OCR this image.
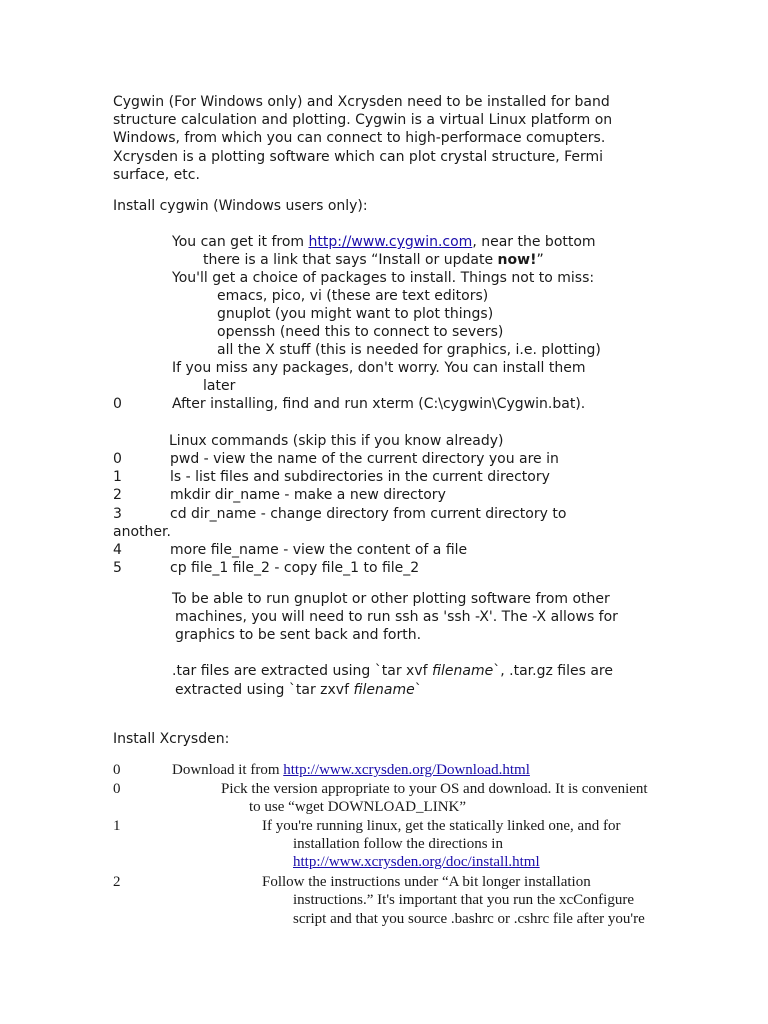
Cygwin (For Windows only) and Xcrysden need to be installed for band structure calculation and plotting. Cygwin is a virtual Linux platform on Windows, from which you can connect to high-performace comupters. Xcrysden is a plotting software which can plot crystal structure, Fermi surface, etc.
Install cygwin (Windows users only):
You can get it from http://www.cygwin.com, near the bottom
there is a link that says “Install or update now!”
You'll get a choice of packages to install. Things not to miss:
emacs, pico, vi (these are text editors)
gnuplot (you might want to plot things)
openssh (need this to connect to severs)
all the X stuff (this is needed for graphics, i.e. plotting)
If you miss any packages, don't worry. You can install them
later
0	After installing, find and run xterm (C:\cygwin\Cygwin.bat).
Linux commands (skip this if you know already)
0	pwd - view the name of the current directory you are in
1	ls - list files and subdirectories in the current directory
2	mkdir dir_name - make a new directory
3	cd dir_name - change directory from current directory to
another.
4	more file_name - view the content of a file
5	cp file_1 file_2 - copy file_1 to file_2
To be able to run gnuplot or other plotting software from other
machines, you will need to run ssh as 'ssh -X'. The -X allows for
graphics to be sent back and forth.
.tar files are extracted using `tar xvf filename`, .tar.gz files are
extracted using `tar zxvf filename`
Install Xcrysden:
0	Download it from http://www.xcrysden.org/Download.html
0	Pick the version appropriate to your OS and download. It is convenient
to use “wget DOWNLOAD_LINK”
1	If you're running linux, get the statically linked one, and for
installation follow the directions in
http://www.xcrysden.org/doc/install.html
2	Follow the instructions under “A bit longer installation
instructions.” It's important that you run the xcConfigure
script and that you source .bashrc or .cshrc file after you're
